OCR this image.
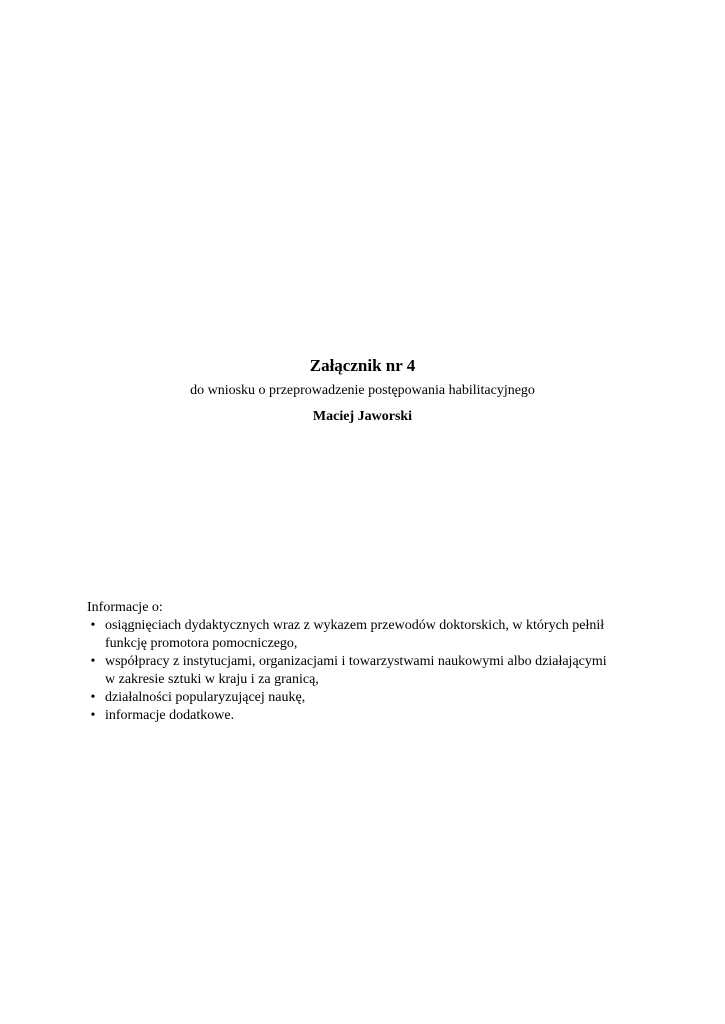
Załącznik nr 4

do wniosku o przeprowadzenie postępowania habilitacyjnego

Maciej Jaworski

Informacje o:

• osiągnięciach dydaktycznych wraz z wykazem przewodów doktorskich, w których pełnił
funkcję promotora pomocniczego,
• współpracy z instytucjami, organizacjami i towarzystwami naukowymi albo działającymi
w zakresie sztuki w kraju i za granicą,
• działalności popularyzującej naukę,
• informacje dodatkowe.
